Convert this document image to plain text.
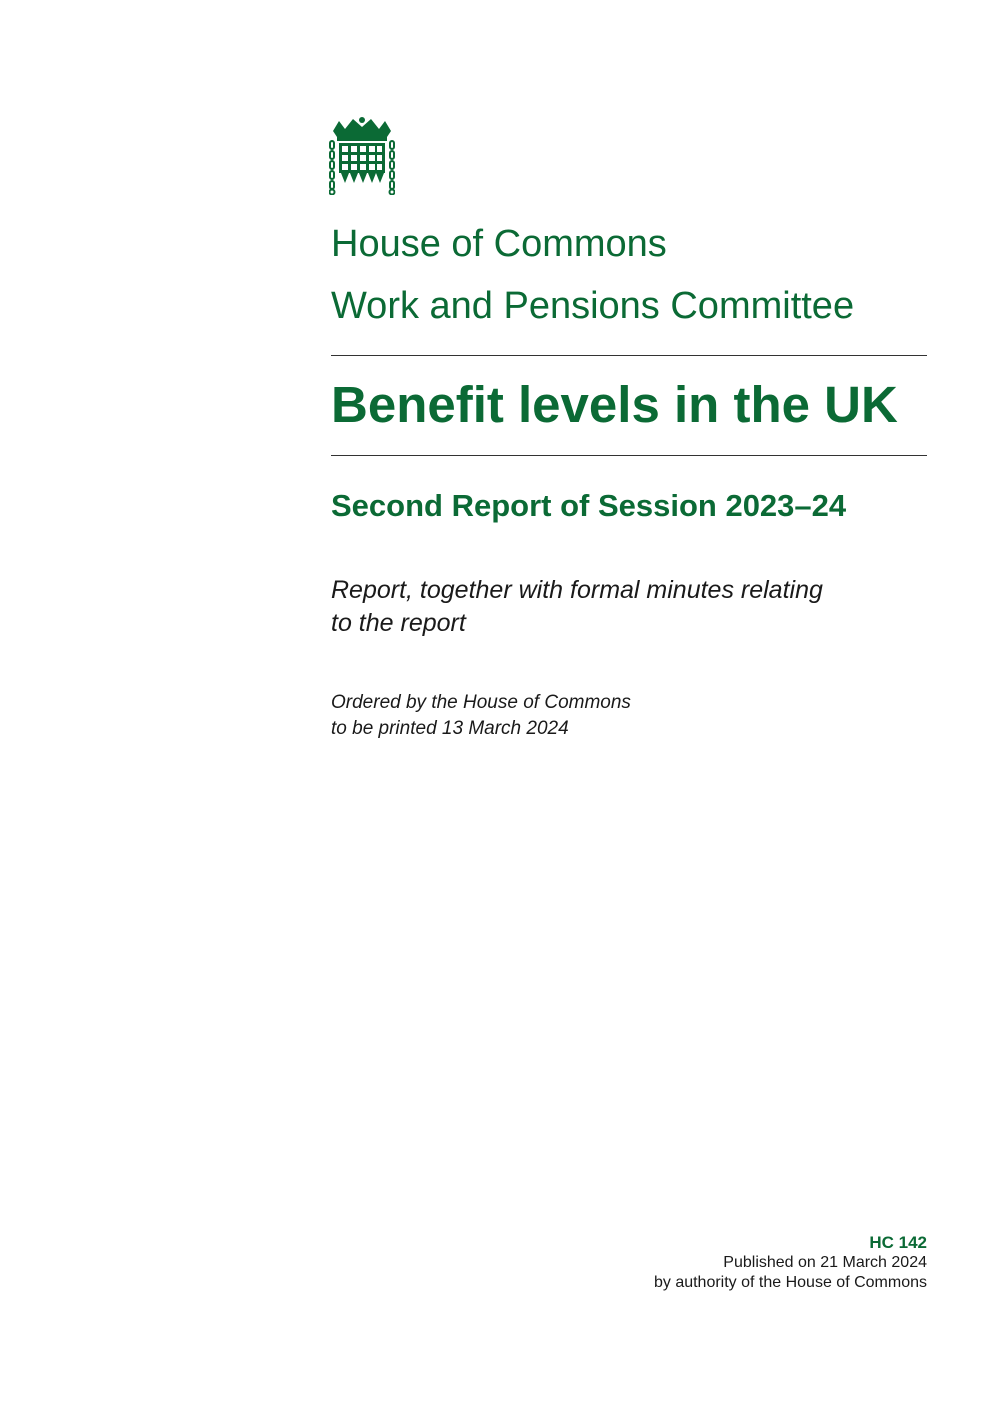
House of Commons
Work and Pensions Committee
Benefit levels in the UK
Second Report of Session 2023–24
Report, together with formal minutes relating
to the report
Ordered by the House of Commons
to be printed 13 March 2024
HC 142
Published on 21 March 2024
by authority of the House of Commons
